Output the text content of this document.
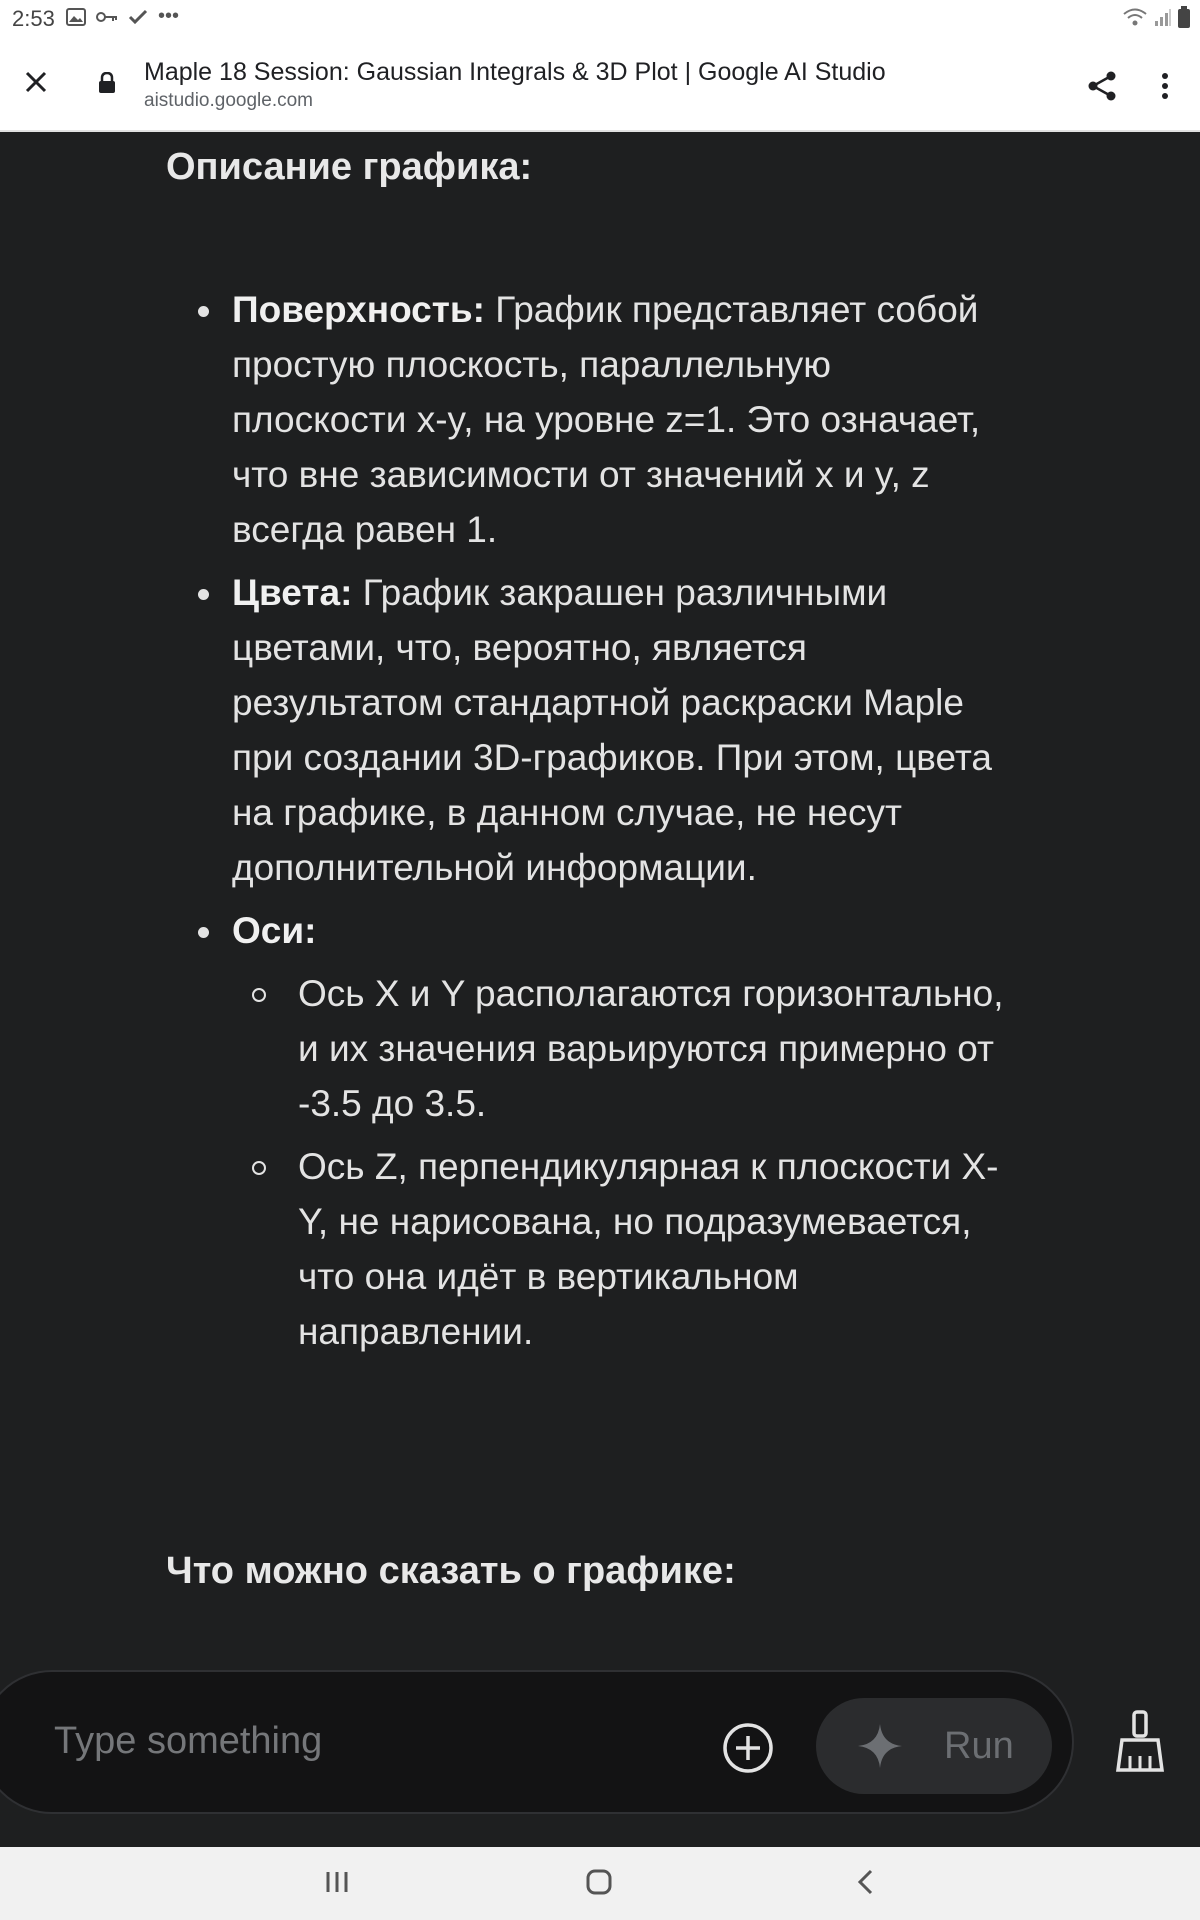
2:53	•••
Maple 18 Session: Gaussian Integrals & 3D Plot | Google AI Studio
aistudio.google.com
Описание графика:
Поверхность: График представляет собой простую плоскость, параллельную плоскости x-y, на уровне z=1. Это означает, что вне зависимости от значений x и y, z всегда равен 1.
Цвета: График закрашен различными цветами, что, вероятно, является результатом стандартной раскраски Maple при создании 3D-графиков. При этом, цвета на графике, в данном случае, не несут дополнительной информации.
Оси:
Ось X и Y располагаются горизонтально, и их значения варьируются примерно от -3.5 до 3.5.
Ось Z, перпендикулярная к плоскости X-Y, не нарисована, но подразумевается, что она идёт в вертикальном направлении.
Что можно сказать о графике:
Type something	Run
